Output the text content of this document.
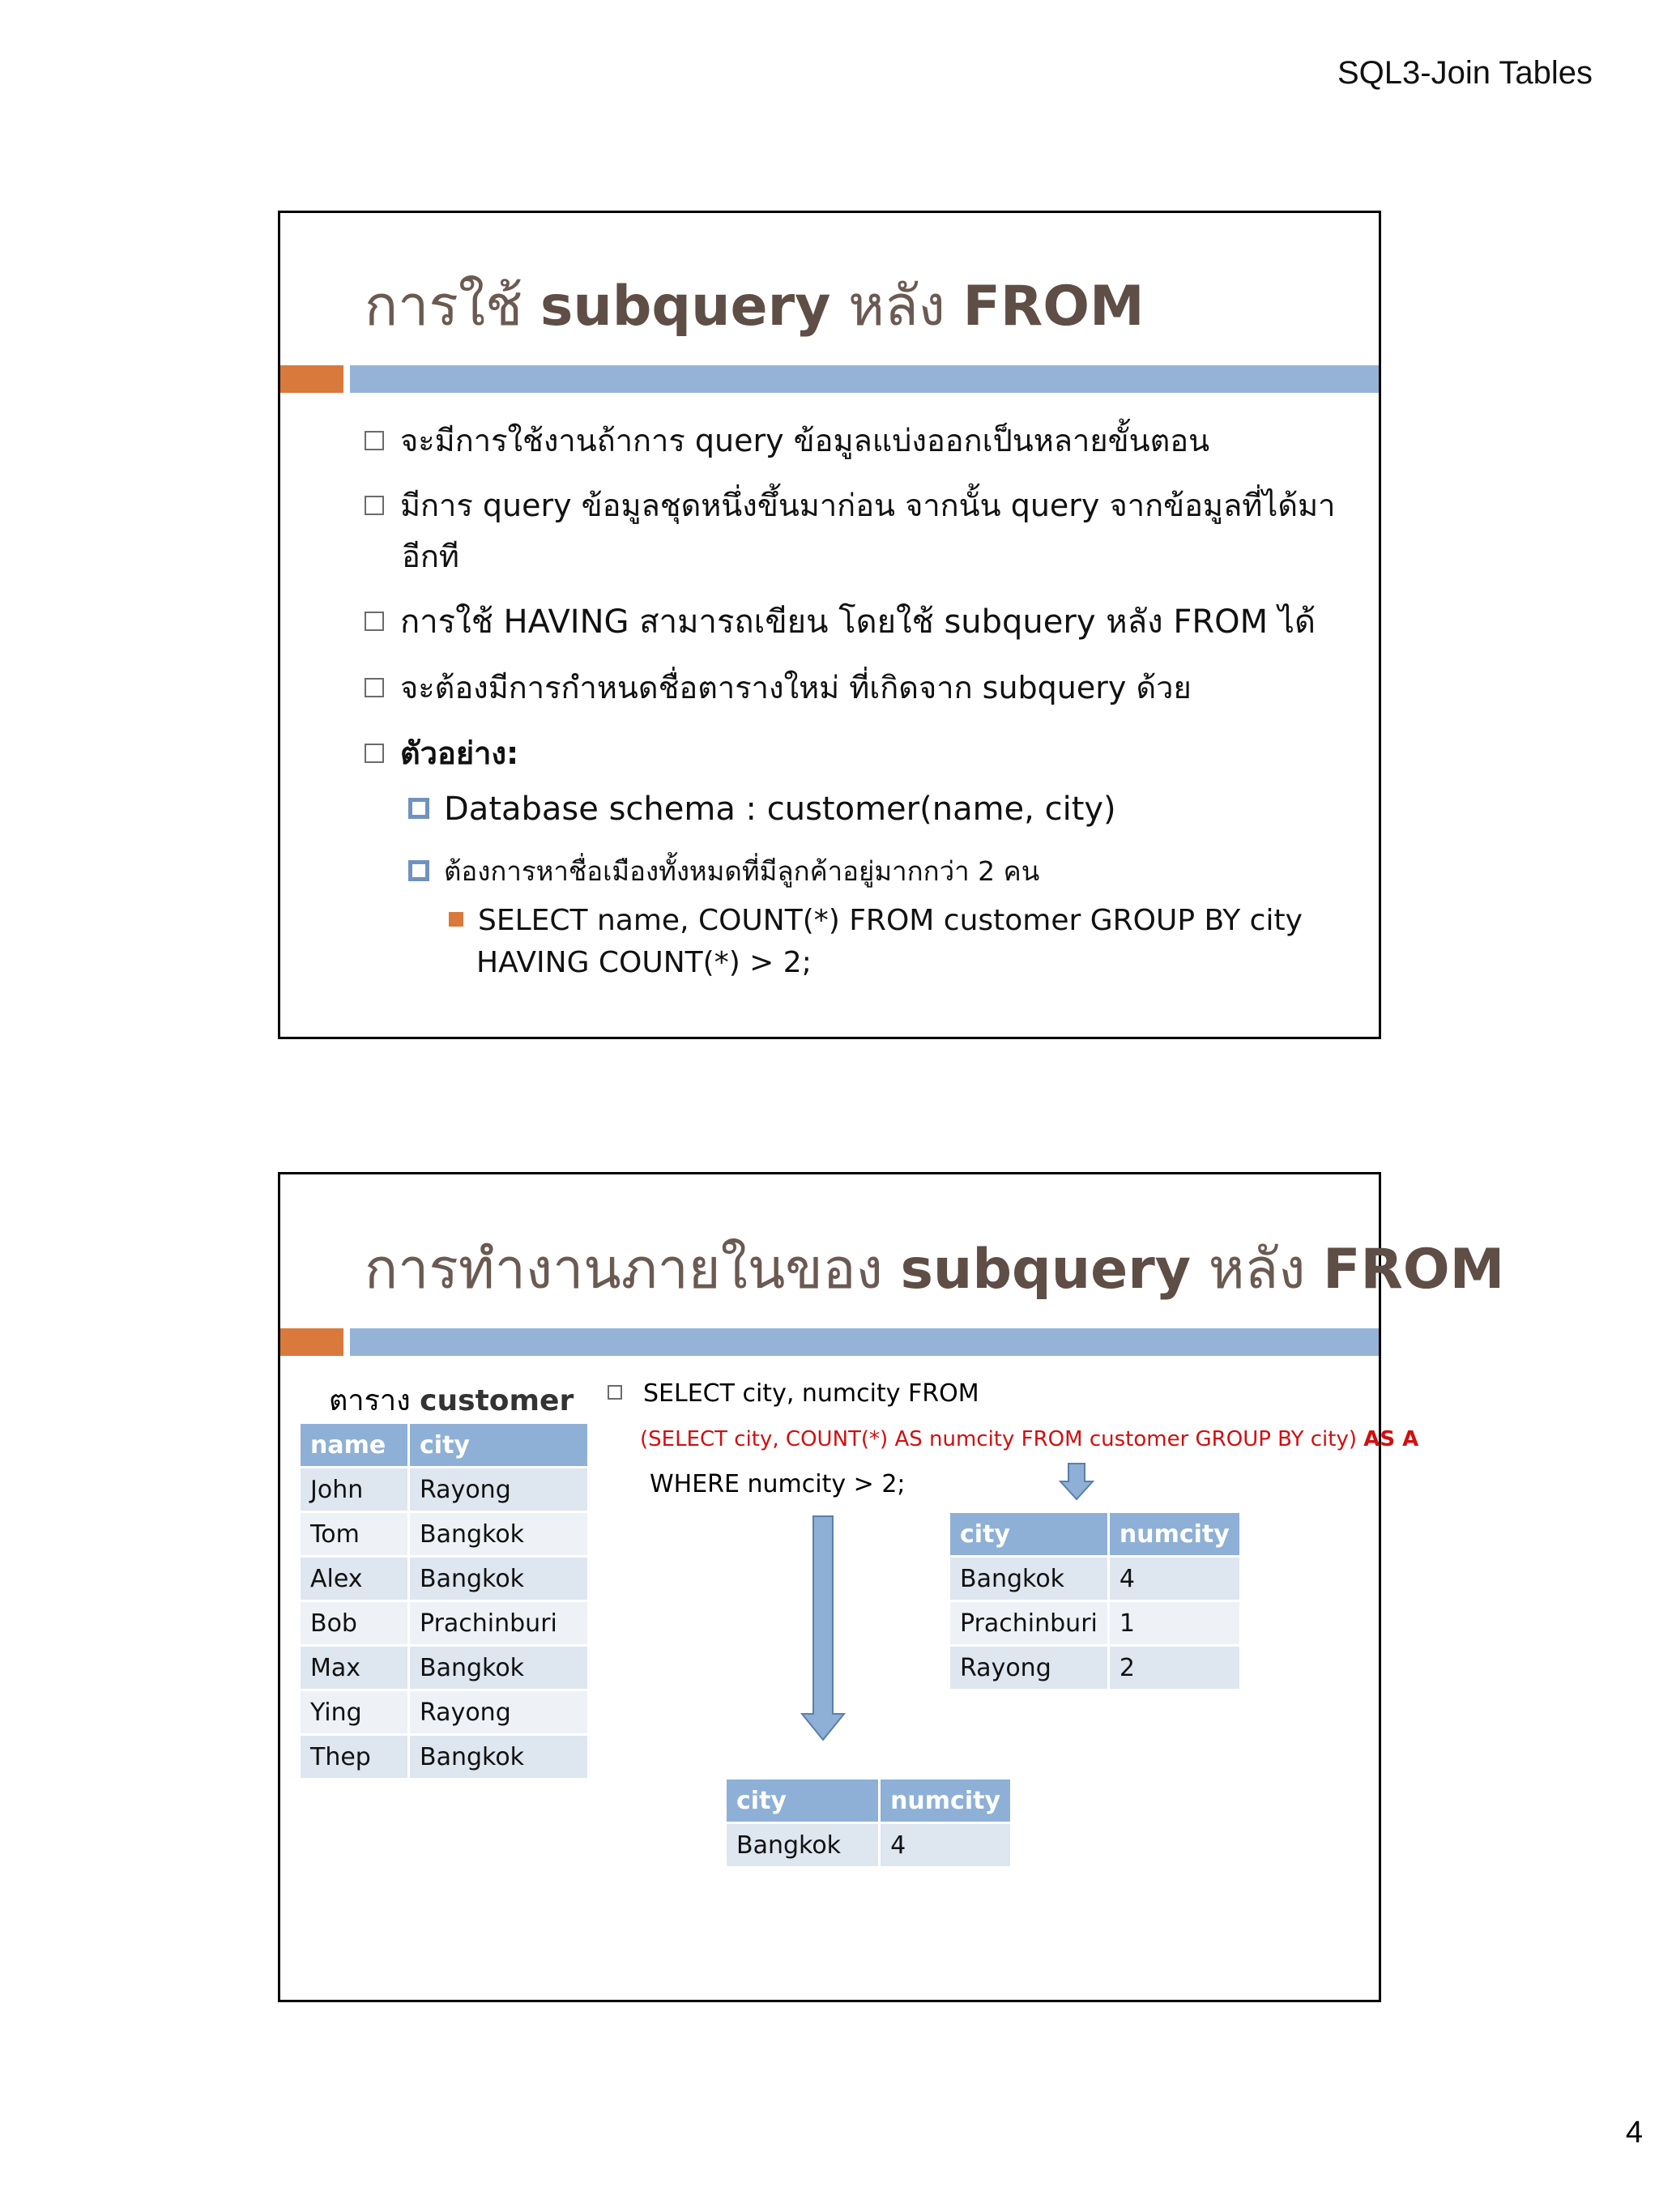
SQL3-Join Tables
การใช้ subquery หลัง FROM
จะมีการใช้งานถ้าการ query ข้อมูลแบ่งออกเป็นหลายขั้นตอน
มีการ query ข้อมูลชุดหนึ่งขึ้นมาก่อน จากนั้น query จากข้อมูลที่ได้มา
อีกที
การใช้ HAVING สามารถเขียน โดยใช้ subquery หลัง FROM ได้
จะต้องมีการกำหนดชื่อตารางใหม่ ที่เกิดจาก subquery ด้วย
ตัวอย่าง:
Database schema : customer(name, city)
ต้องการหาชื่อเมืองทั้งหมดที่มีลูกค้าอยู่มากกว่า 2 คน
SELECT name, COUNT(*) FROM customer GROUP BY city
HAVING COUNT(*) > 2;
การทำงานภายในของ subquery หลัง FROM
ตาราง customer
name	city
John	Rayong
Tom	Bangkok
Alex	Bangkok
Bob	Prachinburi
Max	Bangkok
Ying	Rayong
Thep	Bangkok
SELECT city, numcity FROM
(SELECT city, COUNT(*) AS numcity FROM customer GROUP BY city) AS A
WHERE numcity > 2;
city	numcity
Bangkok	4
Prachinburi	1
Rayong	2
city	numcity
Bangkok	4
4
